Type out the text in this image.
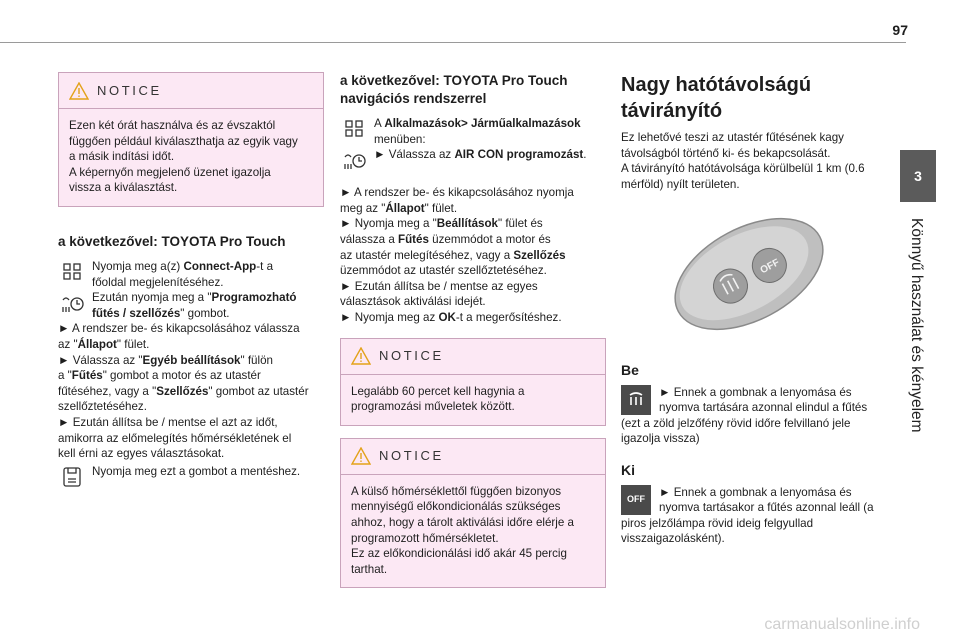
97
3
Könnyű használat és kényelem
NOTICE

Ezen két órát használva és az évszaktól

függően például kiválaszthatja az egyik vagy

a másik indítási időt.

A képernyőn megjelenő üzenet igazolja

vissza a kiválasztást.

a következővel: TOYOTA Pro Touch

Nyomja meg a(z) Connect-App-t a

főoldal megjelenítéséhez.

Ezután nyomja meg a "Programozható

fűtés / szellőzés" gombot.

► A rendszer be- és kikapcsolásához válassza

az "Állapot" fület.

► Válassza az "Egyéb beállítások" fülön

a "Fűtés" gombot a motor és az utastér

fűtéséhez, vagy a "Szellőzés" gombot az utastér

szellőztetéséhez.

► Ezután állítsa be / mentse el azt az időt,

amikorra az előmelegítés hőmérsékletének el

kell érni az egyes választásokat.

Nyomja meg ezt a gombot a mentéshez.

a következővel: TOYOTA Pro Touch
navigációs rendszerrel

A Alkalmazások> Járműalkalmazások

menüben:

► Válassza az AIR CON programozást.

► A rendszer be- és kikapcsolásához nyomja

meg az "Állapot" fület.

► Nyomja meg a "Beállítások" fület és

válassza a Fűtés üzemmódot a motor és

az utastér melegítéséhez, vagy a Szellőzés

üzemmódot az utastér szellőztetéséhez.

► Ezután állítsa be / mentse az egyes

választások aktiválási idejét.

► Nyomja meg az OK-t a megerősítéshez.

NOTICE

Legalább 60 percet kell hagynia a

programozási műveletek között.

NOTICE

A külső hőmérséklettől függően bizonyos

mennyiségű előkondicionálás szükséges

ahhoz, hogy a tárolt aktiválási időre elérje a

programozott hőmérsékletet.

Ez az előkondicionálási idő akár 45 percig

tarthat.

Nagy hatótávolságú
távirányító

Ez lehetővé teszi az utastér fűtésének kagy

távolságból történő ki- és bekapcsolását.

A távirányító hatótávolsága körülbelül 1 km (0.6

mérföld) nyílt területen.

OFF
Be

► Ennek a gombnak a lenyomása és

nyomva tartására azonnal elindul a fűtés

(ezt a zöld jelzőfény rövid időre felvillanó jele

igazolja vissza)

Ki
OFF

► Ennek a gombnak a lenyomása és

nyomva tartásakor a fűtés azonnal leáll (a

piros jelzőlámpa rövid ideig felgyullad

visszaigazolásként).

carmanualsonline.info
